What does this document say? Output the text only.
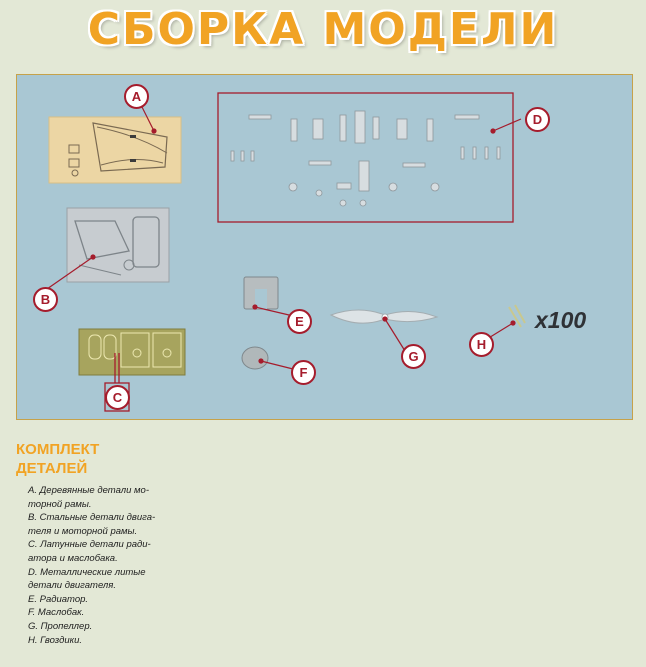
СБОРКА МОДЕЛИ
A
B
C
D
E
F
G
H
x100
КОМПЛЕКТ
ДЕТАЛЕЙ
A. Деревянные детали мо-
торной рамы.
B. Стальные детали двига-
теля и моторной рамы.
C. Латунные детали ради-
атора и маслобака.
D. Металлические литые
детали двигателя.
E. Радиатор.
F. Маслобак.
G. Пропеллер.
H. Гвоздики.
